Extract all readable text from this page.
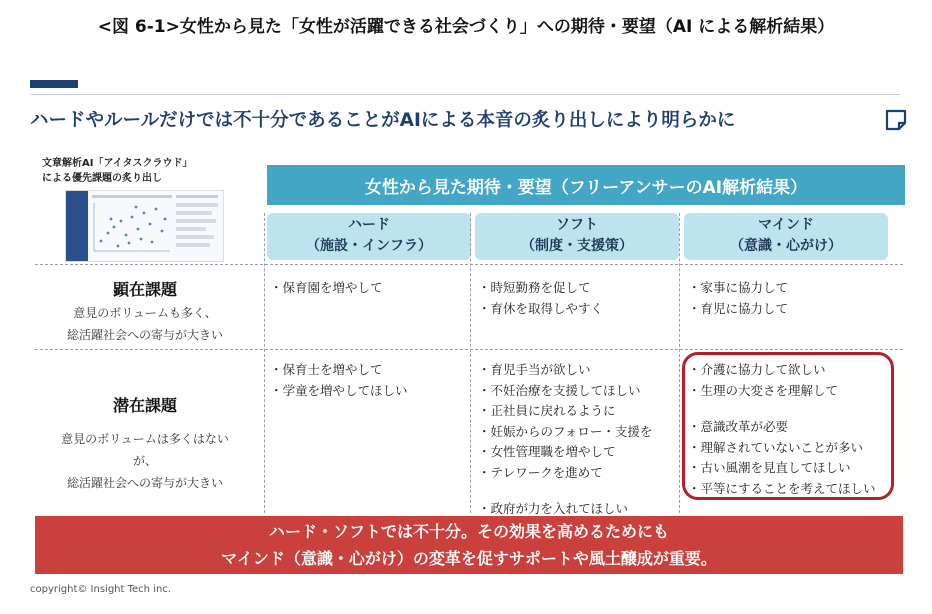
<図 6-1>女性から見た「女性が活躍できる社会づくり」への期待・要望（AI による解析結果）
ハードやルールだけでは不十分であることがAIによる本音の炙り出しにより明らかに
文章解析AI「アイタスクラウド」
による優先課題の炙り出し	女性から見た期待・要望（フリーアンサーのAI解析結果）
ハード
（施設・インフラ）
ソフト
（制度・支援策）
マインド
（意識・心がけ）
顕在課題
意見のボリュームも多く、
総活躍社会への寄与が大きい
・保育園を増やして	・時短勤務を促して
・育休を取得しやすく
・家事に協力して
・育児に協力して
潜在課題
意見のボリュームは多くはない
が、
総活躍社会への寄与が大きい
・保育士を増やして
・学童を増やしてほしい
・育児手当が欲しい
・不妊治療を支援してほしい
・正社員に戻れるように
・妊娠からのフォロー・支援を
・女性管理職を増やして
・テレワークを進めて
・政府が力を入れてほしい
・介護に協力して欲しい
・生理の大変さを理解して
・意識改革が必要
・理解されていないことが多い
・古い風潮を見直してほしい
・平等にすることを考えてほしい
ハード・ソフトでは不十分。その効果を高めるためにも
マインド（意識・心がけ）の変革を促すサポートや風土醸成が重要。
copyright© Insight Tech inc.
